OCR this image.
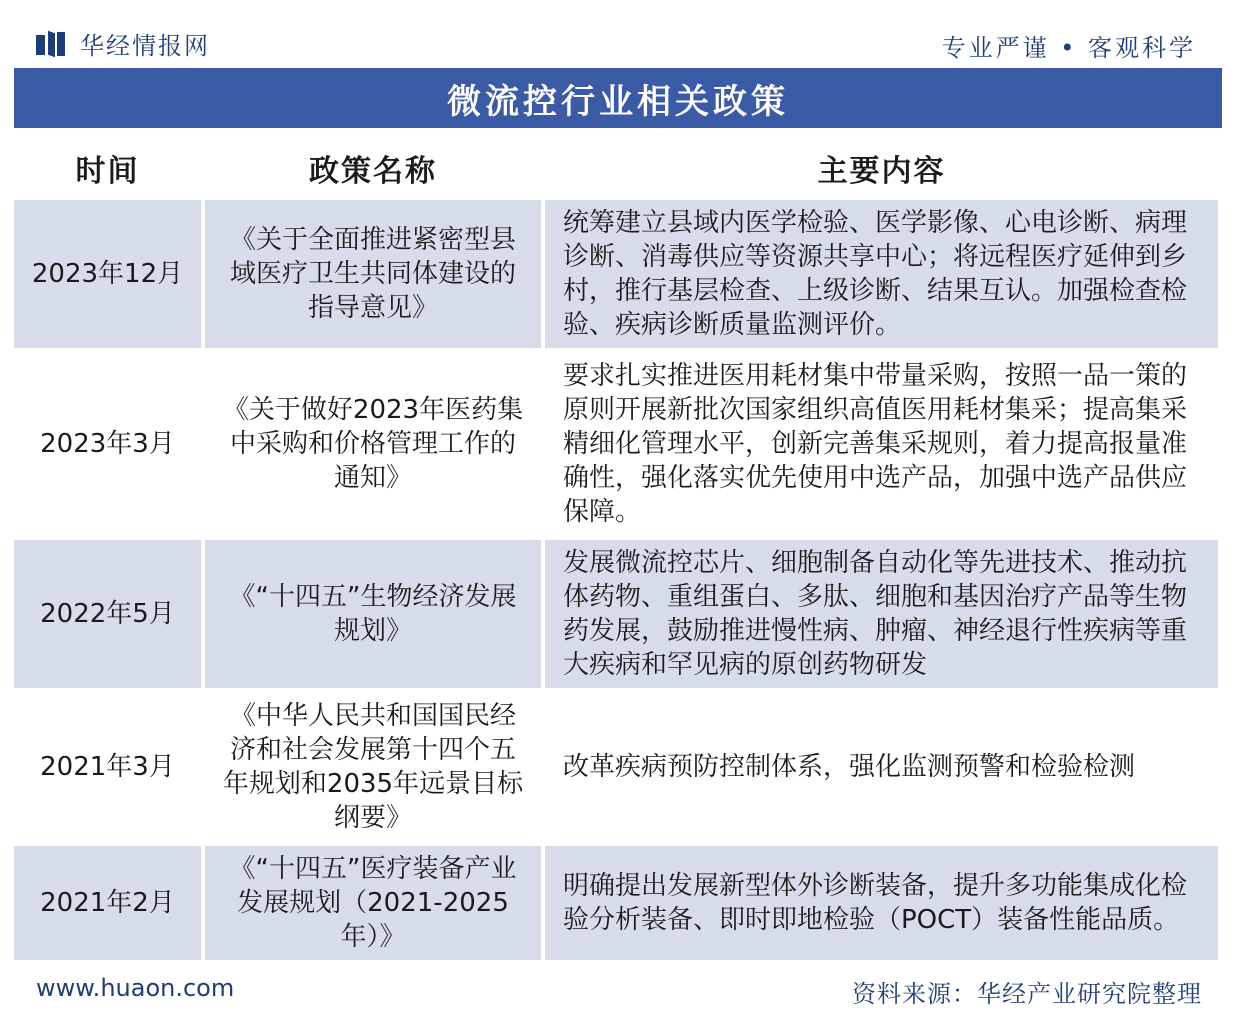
华经情报网	专业严谨 • 客观科学
微流控行业相关政策
时间	政策名称	主要内容
2023年12月	《关于全面推进紧密型县域医疗卫生共同体建设的指导意见》	统筹建立县域内医学检验、医学影像、心电诊断、病理诊断、消毒供应等资源共享中心；将远程医疗延伸到乡村，推行基层检查、上级诊断、结果互认。加强检查检验、疾病诊断质量监测评价。
2023年3月	《关于做好2023年医药集中采购和价格管理工作的通知》	要求扎实推进医用耗材集中带量采购，按照一品一策的原则开展新批次国家组织高值医用耗材集采；提高集采精细化管理水平，创新完善集采规则，着力提高报量准确性，强化落实优先使用中选产品，加强中选产品供应保障。
2022年5月	《“十四五”生物经济发展规划》	发展微流控芯片、细胞制备自动化等先进技术、推动抗体药物、重组蛋白、多肽、细胞和基因治疗产品等生物药发展，鼓励推进慢性病、肿瘤、神经退行性疾病等重大疾病和罕见病的原创药物研发
2021年3月	《中华人民共和国国民经济和社会发展第十四个五年规划和2035年远景目标纲要》	改革疾病预防控制体系，强化监测预警和检验检测
2021年2月	《“十四五”医疗装备产业发展规划（2021-2025年）》	明确提出发展新型体外诊断装备，提升多功能集成化检验分析装备、即时即地检验（POCT）装备性能品质。
www.huaon.com	资料来源：华经产业研究院整理
